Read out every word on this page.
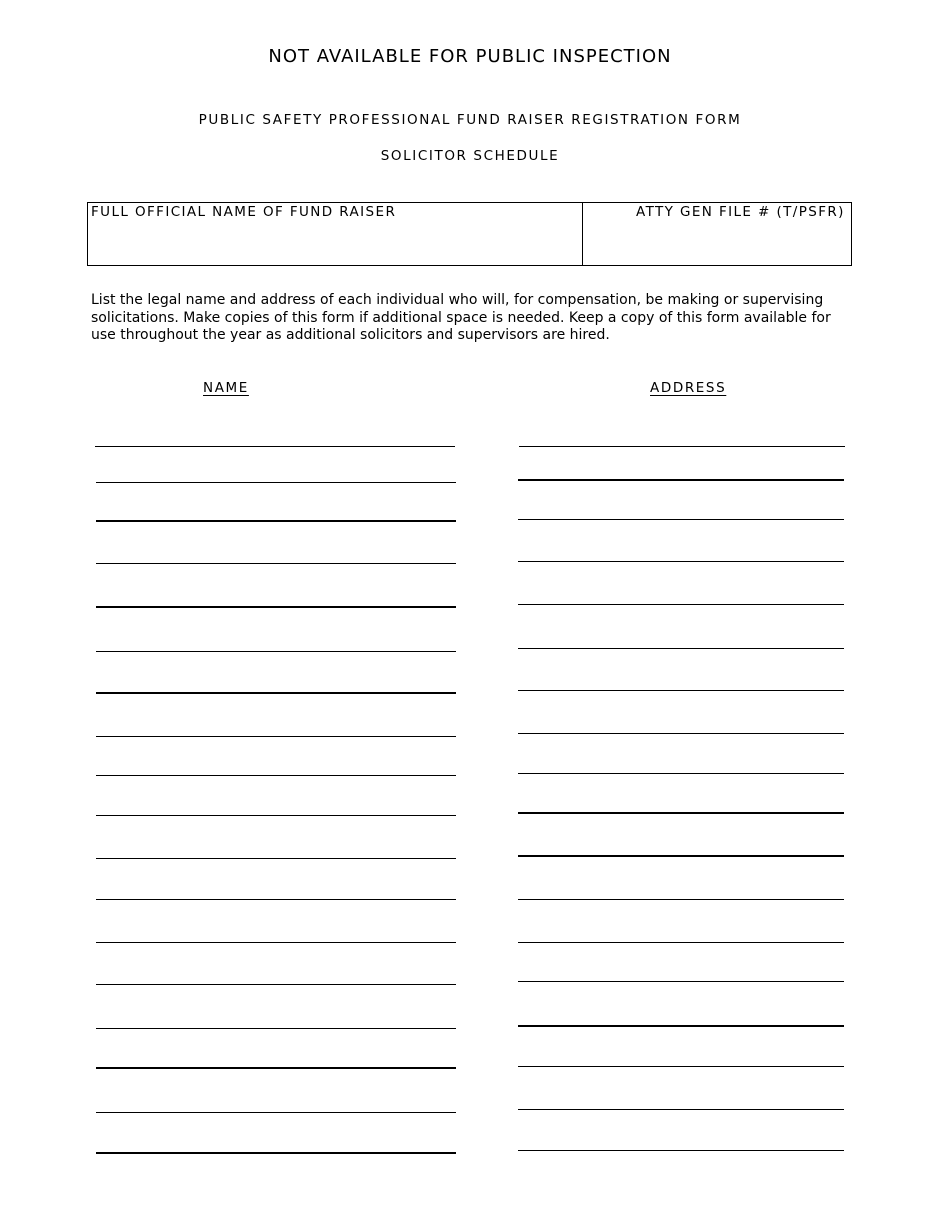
NOT AVAILABLE FOR PUBLIC INSPECTION
PUBLIC SAFETY PROFESSIONAL FUND RAISER REGISTRATION FORM
SOLICITOR SCHEDULE
FULL OFFICIAL NAME OF FUND RAISER	ATTY GEN FILE # (T/PSFR)

List the legal name and address of each individual who will, for compensation, be making or supervising solicitations. Make copies of this form if additional space is needed. Keep a copy of this form available for use throughout the year as additional solicitors and supervisors are hired.

NAME	ADDRESS
